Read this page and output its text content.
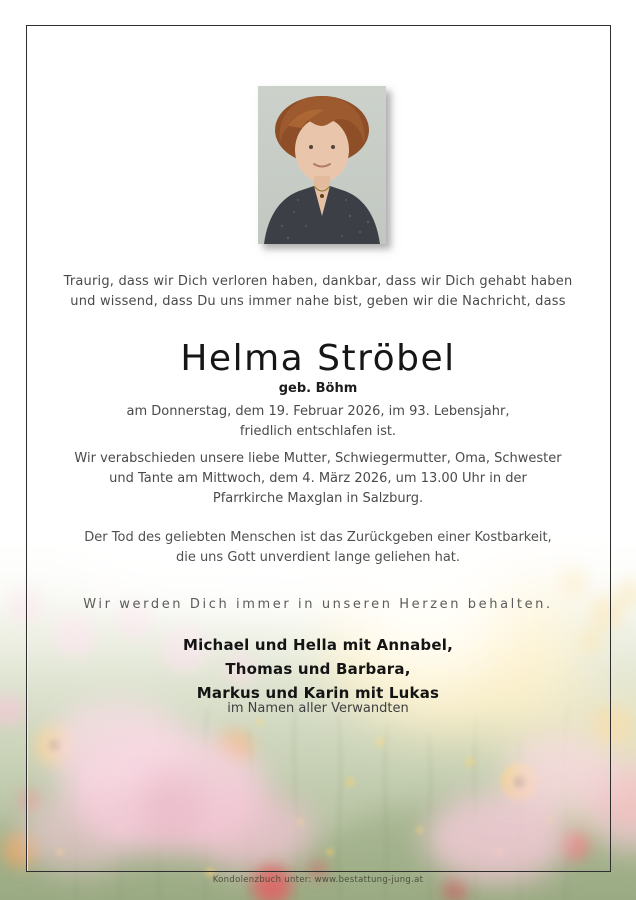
Traurig, dass wir Dich verloren haben, dankbar, dass wir Dich gehabt haben
und wissend, dass Du uns immer nahe bist, geben wir die Nachricht, dass
Helma Ströbel
geb. Böhm
am Donnerstag, dem 19. Februar 2026, im 93. Lebensjahr,
friedlich entschlafen ist.
Wir verabschieden unsere liebe Mutter, Schwiegermutter, Oma, Schwester
und Tante am Mittwoch, dem 4. März 2026, um 13.00 Uhr in der
Pfarrkirche Maxglan in Salzburg.
Der Tod des geliebten Menschen ist das Zurückgeben einer Kostbarkeit,
die uns Gott unverdient lange geliehen hat.
Wir werden Dich immer in unseren Herzen behalten.
Michael und Hella mit Annabel,
Thomas und Barbara,
Markus und Karin mit Lukas
im Namen aller Verwandten
Kondolenzbuch unter: www.bestattung-jung.at
